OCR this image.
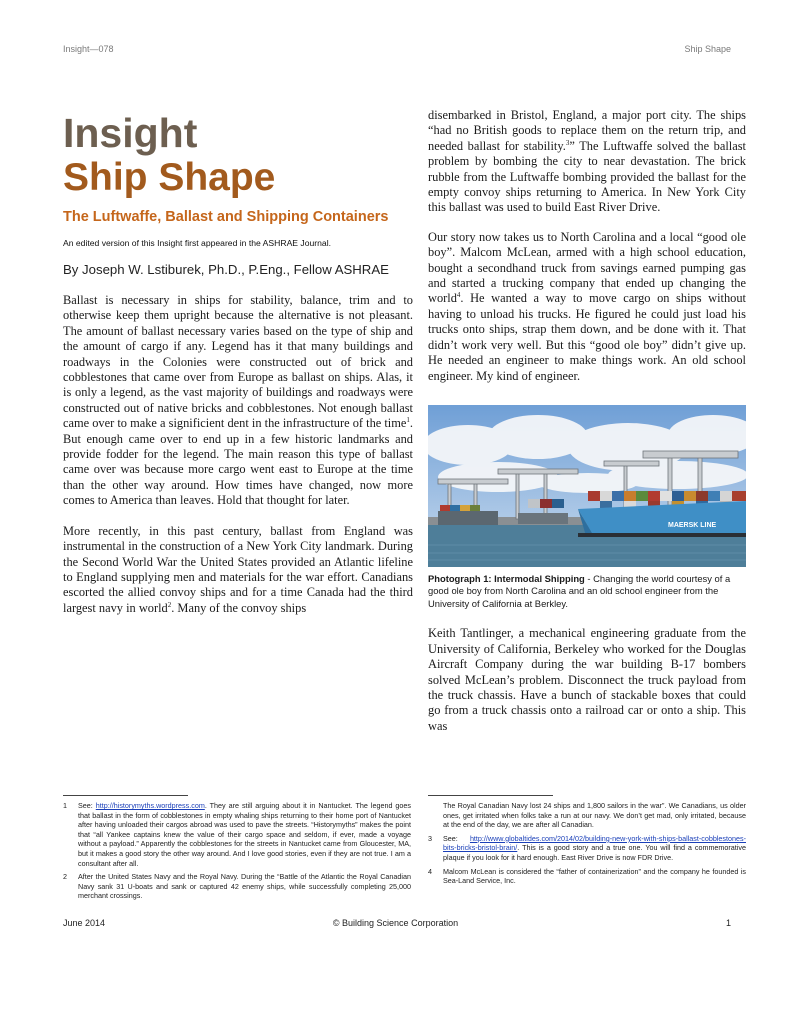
Insight—078	Ship Shape
Insight
Ship Shape
The Luftwaffe, Ballast and Shipping Containers

An edited version of this Insight first appeared in the ASHRAE Journal.

By Joseph W. Lstiburek, Ph.D., P.Eng., Fellow ASHRAE

Ballast is necessary in ships for stability, balance, trim and to otherwise keep them upright because the alternative is not pleasant. The amount of ballast necessary varies based on the type of ship and the amount of cargo if any. Legend has it that many buildings and roadways in the Colonies were constructed out of brick and cobblestones that came over from Europe as ballast on ships. Alas, it is only a legend, as the vast majority of buildings and roadways were constructed out of native bricks and cobblestones. Not enough ballast came over to make a significient dent in the infrastructure of the time$^1$. But enough came over to end up in a few historic landmarks and provide fodder for the legend. The main reason this type of ballast came over was because more cargo went east to Europe at the time than the other way around. How times have changed, now more comes to America than leaves. Hold that thought for later.

More recently, in this past century, ballast from England was instrumental in the construction of a New York City landmark. During the Second World War the United States provided an Atlantic lifeline to England supplying men and materials for the war effort. Canadians escorted the allied convoy ships and for a time Canada had the third largest navy in world$^2$. Many of the convoy ships

disembarked in Bristol, England, a major port city. The ships “had no British goods to replace them on the return trip, and needed ballast for stability.$^3$” The Luftwaffe solved the ballast problem by bombing the city to near devastation. The brick rubble from the Luftwaffe bombing provided the ballast for the empty convoy ships returning to America. In New York City this ballast was used to build East River Drive.

Our story now takes us to North Carolina and a local “good ole boy”. Malcom McLean, armed with a high school education, bought a secondhand truck from savings earned pumping gas and started a trucking company that ended up changing the world$^4$. He wanted a way to move cargo on ships without having to unload his trucks. He figured he could just load his trucks onto ships, strap them down, and be done with it. That didn’t work very well. But this “good ole boy” didn’t give up. He needed an engineer to make things work. An old school engineer. My kind of engineer.

MAERSK LINE

Photograph 1: Intermodal Shipping - Changing the world courtesy of a good ole boy from North Carolina and an old school engineer from the University of California at Berkley.

Keith Tantlinger, a mechanical engineering graduate from the University of California, Berkeley who worked for the Douglas Aircraft Company during the war building B-17 bombers solved McLean’s problem. Disconnect the truck payload from the truck chassis. Have a bunch of stackable boxes that could go from a truck chassis onto a railroad car or onto a ship. This was

1	See: http://historymyths.wordpress.com. They are still arguing about it in Nantucket. The legend goes that ballast in the form of cobblestones in empty whaling ships returning to their home port of Nantucket after having unloaded their cargos abroad was used to pave the streets. “Historymyths” makes the point that “all Yankee captains knew the value of their cargo space and seldom, if ever, made a voyage without a payload.” Apparently the cobblestones for the streets in Nantucket came from Gloucester, MA, but it makes a good story the other way around. And I love good stories, even if they are not true. I am a consultant after all.
2	After the United States Navy and the Royal Navy. During the “Battle of the Atlantic the Royal Canadian Navy sank 31 U-boats and sank or captured 42 enemy ships, while successfully completing 25,000 merchant crossings.
The Royal Canadian Navy lost 24 ships and 1,800 sailors in the war”. We Canadians, us older ones, get irritated when folks take a run at our navy. We don’t get mad, only irritated, because at the end of the day, we are after all Canadian.
3	See: http://www.globaltides.com/2014/02/building-new-york-with-ships-ballast-cobblestones-bits-bricks-bristol-brain/. This is a good story and a true one. You will find a commemorative plaque if you look for it hard enough. East River Drive is now FDR Drive.
4	Malcom McLean is considered the “father of containerization” and the company he founded is Sea-Land Service, Inc.
June 2014	© Building Science Corporation	1
